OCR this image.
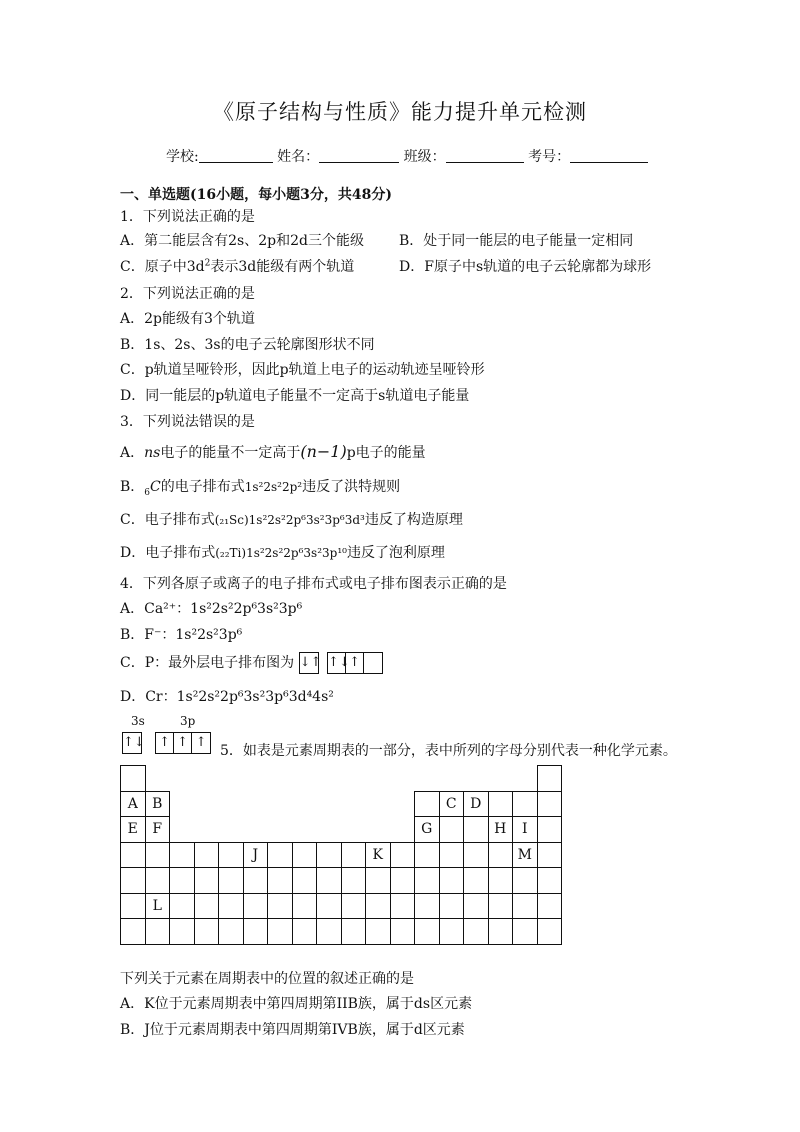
《原子结构与性质》能力提升单元检测
学校:	姓名：	班级：	考号：
一、单选题(16小题，每小题3分，共48分)
1．下列说法正确的是
A．第二能层含有2s、2p和2d三个能级	B．处于同一能层的电子能量一定相同
C．原子中$3d^2$表示3d能级有两个轨道	D．F原子中s轨道的电子云轮廓都为球形
2．下列说法正确的是
A．2p能级有3个轨道
B．1s、2s、3s的电子云轮廓图形状不同
C．p轨道呈哑铃形，因此p轨道上电子的运动轨迹呈哑铃形
D．同一能层的p轨道电子能量不一定高于s轨道电子能量
3．下列说法错误的是
A．ns电子的能量不一定高于(n−1)p电子的能量
B．$_6$C的电子排布式1s²2s²2p²违反了洪特规则
C．电子排布式(₂₁Sc)1s²2s²2p⁶3s²3p⁶3d³违反了构造原理
D．电子排布式(₂₂Ti)1s²2s²2p⁶3s²3p¹⁰违反了泡利原理
4．下列各原子或离子的电子排布式或电子排布图表示正确的是
A．Ca²⁺：1s²2s²2p⁶3s²3p⁶
B．F⁻：1s²2s²3p⁶
C．P：最外层电子排布图为 ↓↑ ↑↓↑
D．Cr：1s²2s²2p⁶3s²3p⁶3d⁴4s²
3s	3p
↑↓ ↑ ↑ ↑
5．如表是元素周期表的一部分，表中所列的字母分别代表一种化学元素。

A	B												C	D			
E	F											G			H	I	
					J					K						M	

	L																

下列关于元素在周期表中的位置的叙述正确的是
A．K位于元素周期表中第四周期第IIB族，属于ds区元素
B．J位于元素周期表中第四周期第IVB族，属于d区元素
